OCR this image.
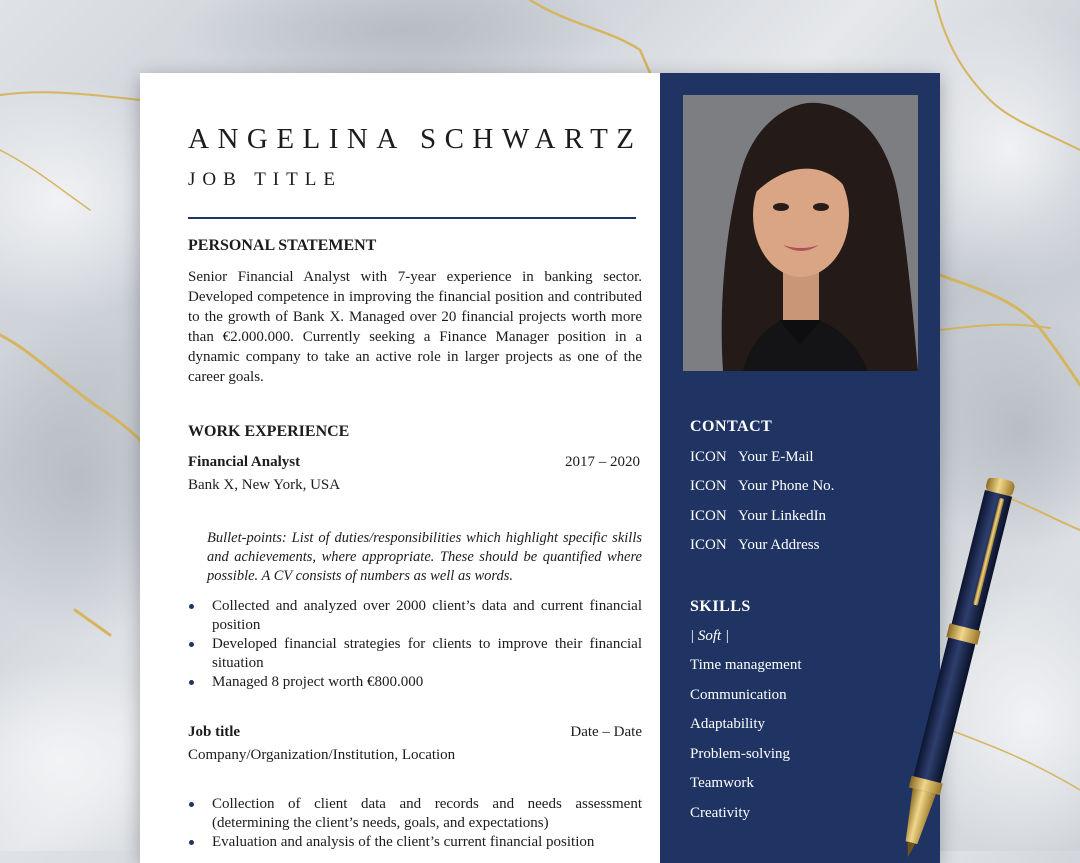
ANGELINA SCHWARTZ
JOB TITLE
PERSONAL STATEMENT
Senior Financial Analyst with 7-year experience in banking sector. Developed competence in improving the financial position and contributed to the growth of Bank X. Managed over 20 financial projects worth more than €2.000.000. Currently seeking a Finance Manager position in a dynamic company to take an active role in larger projects as one of the career goals.
WORK EXPERIENCE
Financial Analyst	2017 – 2020
Bank X, New York, USA
Bullet-points: List of duties/responsibilities which highlight specific skills and achievements, where appropriate. These should be quantified where possible. A CV consists of numbers as well as words.
Collected and analyzed over 2000 client’s data and current financial position
Developed financial strategies for clients to improve their financial situation
Managed 8 project worth €800.000
Job title	Date – Date
Company/Organization/Institution, Location
Collection of client data and records and needs assessment (determining the client’s needs, goals, and expectations)
Evaluation and analysis of the client’s current financial position
CONTACT
ICON Your E-Mail
ICON Your Phone No.
ICON Your LinkedIn
ICON Your Address
SKILLS
| Soft |
Time management
Communication
Adaptability
Problem-solving
Teamwork
Creativity
